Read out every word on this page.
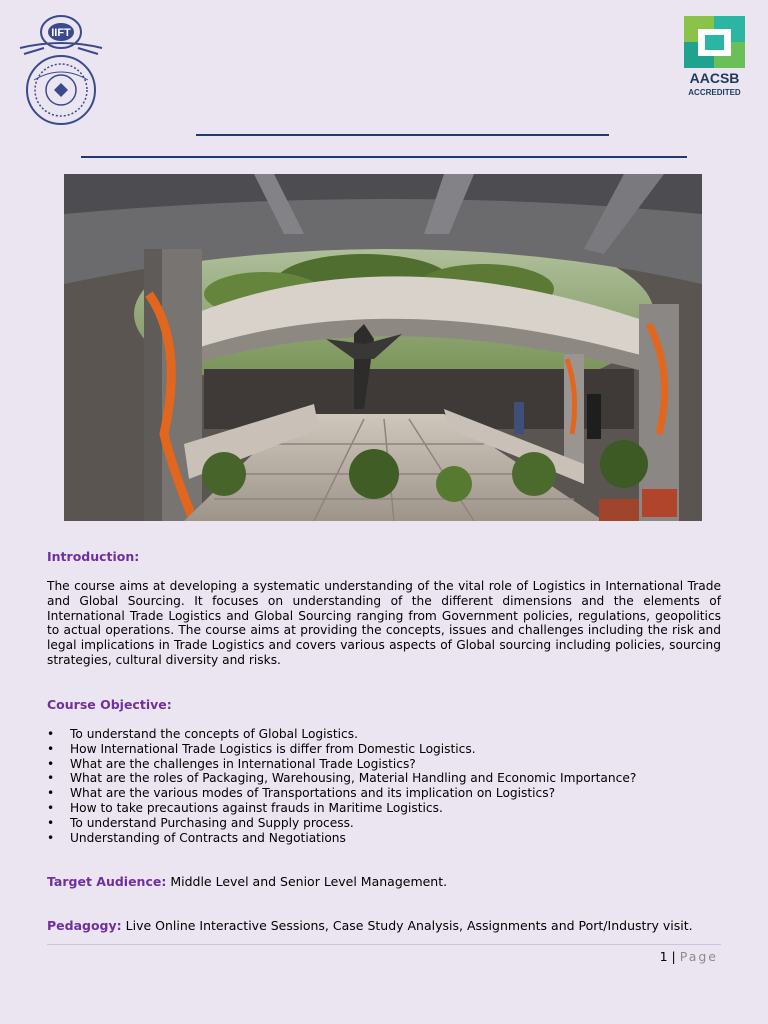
IIFT
AACSB
ACCREDITED
Introduction:
The course aims at developing a systematic understanding of the vital role of Logistics in International Trade and Global Sourcing. It focuses on understanding of the different dimensions and the elements of International Trade Logistics and Global Sourcing ranging from Government policies, regulations, geopolitics to actual operations. The course aims at providing the concepts, issues and challenges including the risk and legal implications in Trade Logistics and covers various aspects of Global sourcing including policies, sourcing strategies, cultural diversity and risks.
Course Objective:
• To understand the concepts of Global Logistics.
• How International Trade Logistics is differ from Domestic Logistics.
• What are the challenges in International Trade Logistics?
• What are the roles of Packaging, Warehousing, Material Handling and Economic Importance?
• What are the various modes of Transportations and its implication on Logistics?
• How to take precautions against frauds in Maritime Logistics.
• To understand Purchasing and Supply process.
• Understanding of Contracts and Negotiations
Target Audience: Middle Level and Senior Level Management.
Pedagogy: Live Online Interactive Sessions, Case Study Analysis, Assignments and Port/Industry visit.
1 | Page
